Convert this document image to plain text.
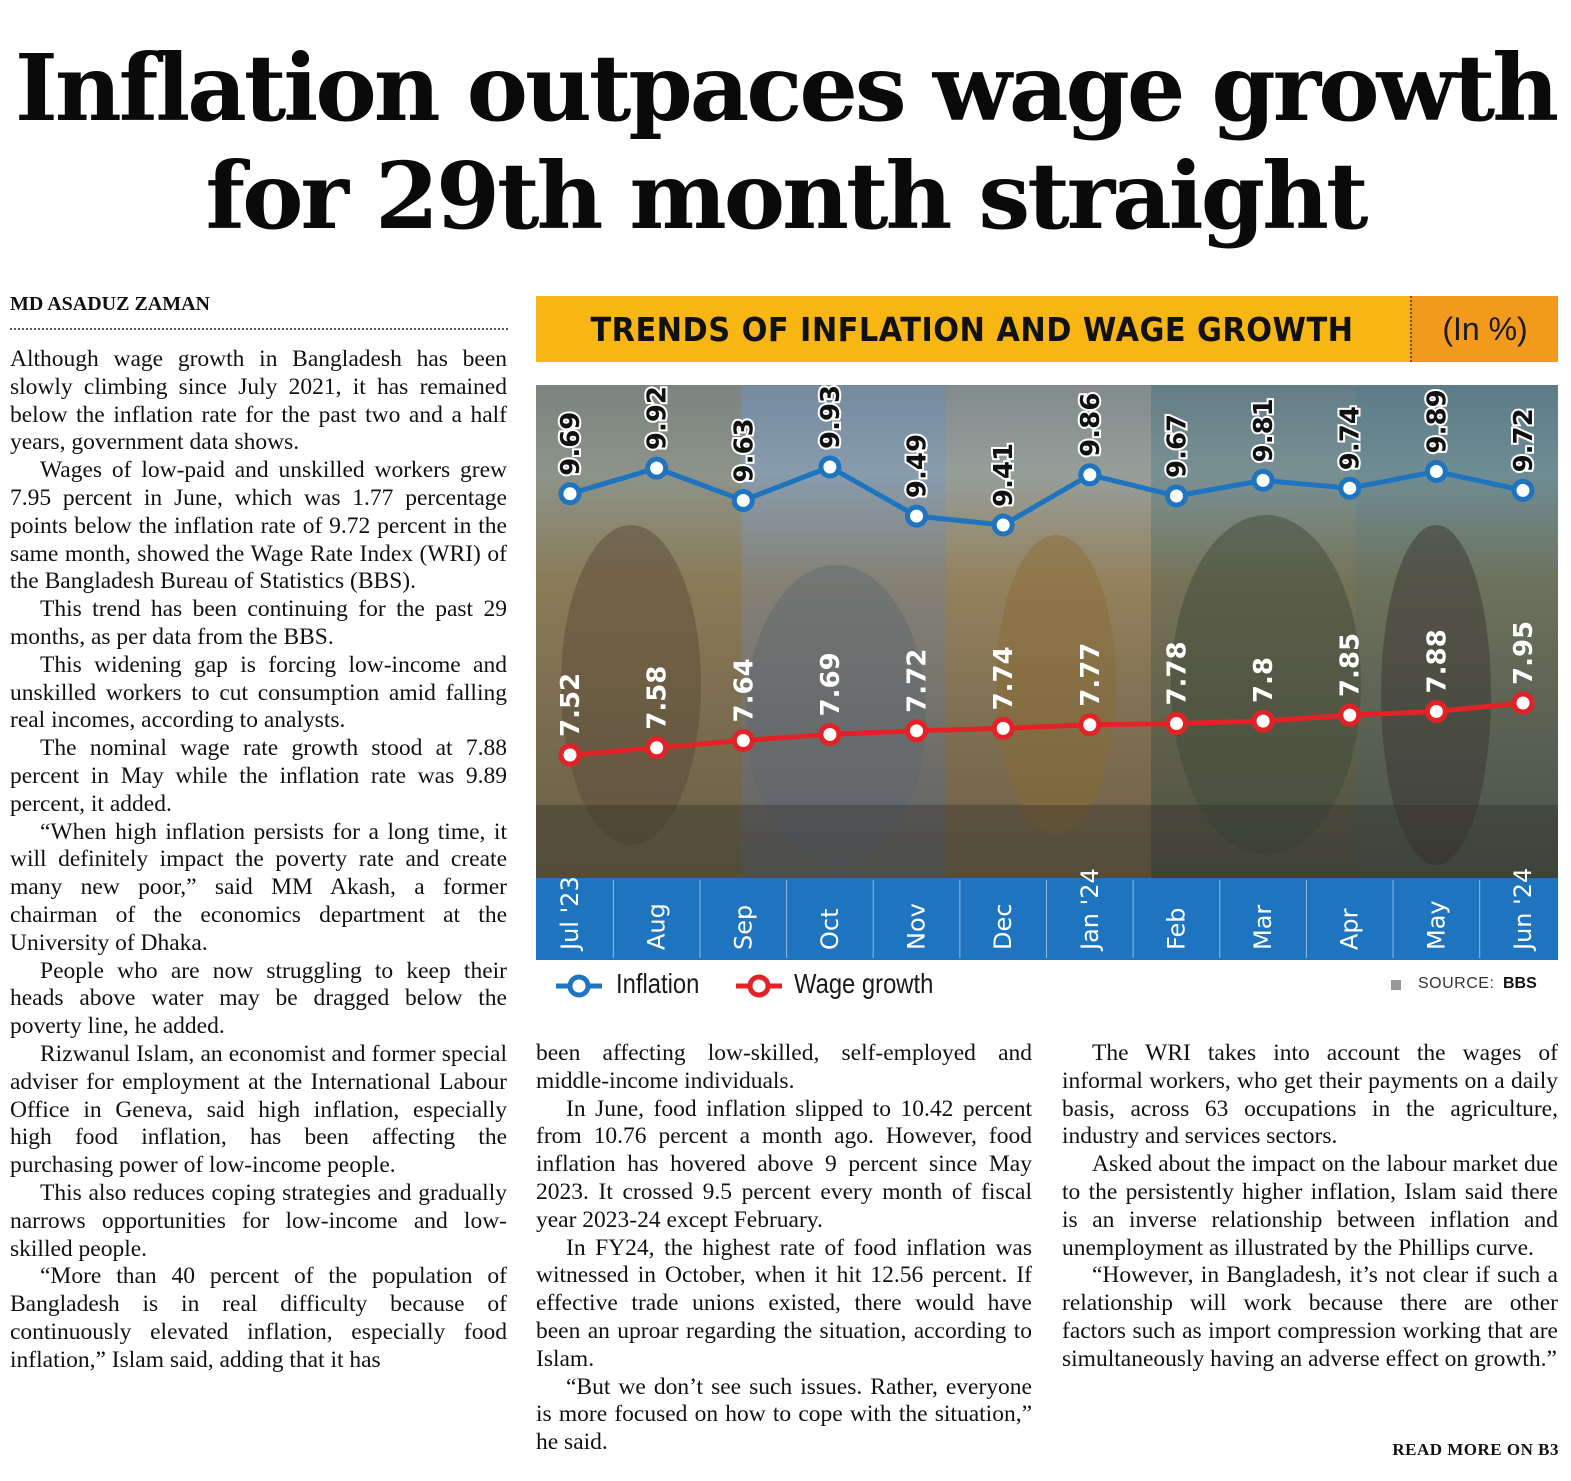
Inflation outpaces wage growth
for 29th month straight
MD ASADUZ ZAMAN

Although wage growth in Bangladesh has been slowly climbing since July 2021, it has remained below the inflation rate for the past two and a half years, government data shows.

Wages of low-paid and unskilled workers grew 7.95 percent in June, which was 1.77 percentage points below the inflation rate of 9.72 percent in the same month, showed the Wage Rate Index (WRI) of the Bangladesh Bureau of Statistics (BBS).

This trend has been continuing for the past 29 months, as per data from the BBS.

This widening gap is forcing low-income and unskilled workers to cut consumption amid falling real incomes, according to analysts.

The nominal wage rate growth stood at 7.88 percent in May while the inflation rate was 9.89 percent, it added.

“When high inflation persists for a long time, it will definitely impact the poverty rate and create many new poor,” said MM Akash, a former chairman of the economics department at the University of Dhaka.

People who are now struggling to keep their heads above water may be dragged below the poverty line, he added.

Rizwanul Islam, an economist and former special adviser for employment at the International Labour Office in Geneva, said high inflation, especially high food inflation, has been affecting the purchasing power of low-income people.

This also reduces coping strategies and gradually narrows opportunities for low-income and low-skilled people.

“More than 40 percent of the population of Bangladesh is in real difficulty because of continuously elevated inflation, especially food inflation,” Islam said, adding that it has

been affecting low-skilled, self-employed and middle-income individuals.

In June, food inflation slipped to 10.42 percent from 10.76 percent a month ago. However, food inflation has hovered above 9 percent since May 2023. It crossed 9.5 percent every month of fiscal year 2023-24 except February.

In FY24, the highest rate of food inflation was witnessed in October, when it hit 12.56 percent. If effective trade unions existed, there would have been an uproar regarding the situation, according to Islam.

“But we don’t see such issues. Rather, everyone is more focused on how to cope with the situation,” he said.

The WRI takes into account the wages of informal workers, who get their payments on a daily basis, across 63 occupations in the agriculture, industry and services sectors.

Asked about the impact on the labour market due to the persistently higher inflation, Islam said there is an inverse relationship between inflation and unemployment as illustrated by the Phillips curve.

“However, in Bangladesh, it’s not clear if such a relationship will work because there are other factors such as import compression working that are simultaneously having an adverse effect on growth.”

READ MORE ON B3
TRENDS OF INFLATION AND WAGE GROWTH	(In %)
9.69 9.92
9.63
9.93
9.49 9.41
9.86 9.67 9.81 9.74 9.89 9.72
7.52 7.58 7.64 7.69 7.72 7.74 7.77 7.78 7.8 7.85 7.88 7.95
Jul '23 Aug Sep Oct Nov Dec Jan '24 Feb Mar Apr May Jun '24
Inflation	Wage growth	SOURCE: BBS
